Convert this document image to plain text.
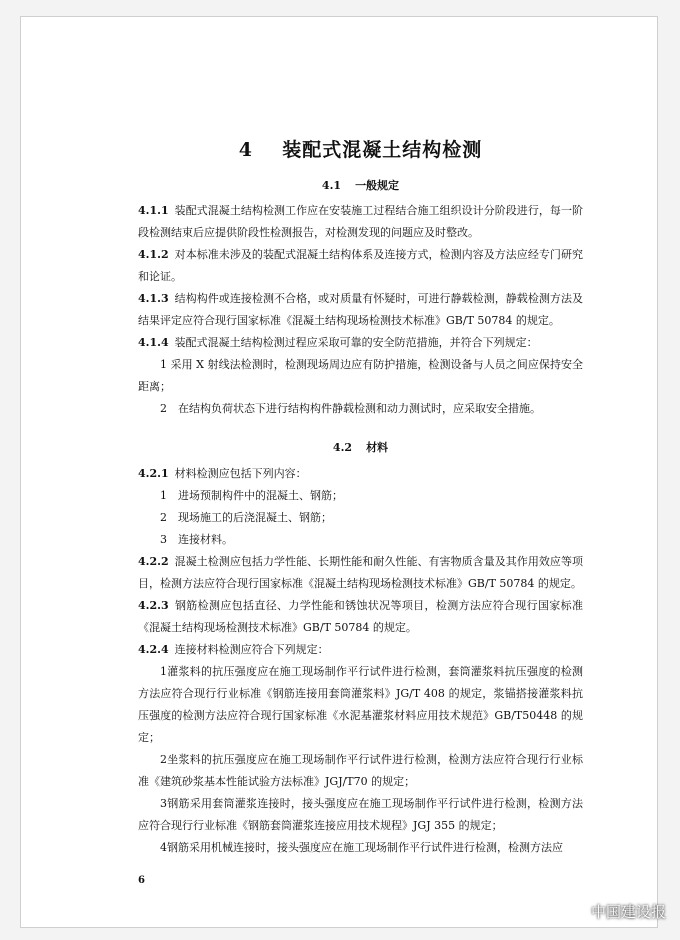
4 装配式混凝土结构检测
4.1 一般规定
4.1.1 装配式混凝土结构检测工作应在安装施工过程结合施工组织设计分阶段进行，每一阶段检测结束后应提供阶段性检测报告，对检测发现的问题应及时整改。
4.1.2 对本标准未涉及的装配式混凝土结构体系及连接方式，检测内容及方法应经专门研究和论证。
4.1.3 结构构件或连接检测不合格，或对质量有怀疑时，可进行静载检测，静载检测方法及结果评定应符合现行国家标准《混凝土结构现场检测技术标准》GB/T 50784 的规定。
4.1.4 装配式混凝土结构检测过程应采取可靠的安全防范措施，并符合下列规定：
1 采用 X 射线法检测时，检测现场周边应有防护措施，检测设备与人员之间应保持安全距离；
2　在结构负荷状态下进行结构构件静载检测和动力测试时，应采取安全措施。
4.2 材料
4.2.1 材料检测应包括下列内容：
1　进场预制构件中的混凝土、钢筋；
2　现场施工的后浇混凝土、钢筋；
3　连接材料。
4.2.2 混凝土检测应包括力学性能、长期性能和耐久性能、有害物质含量及其作用效应等项目，检测方法应符合现行国家标准《混凝土结构现场检测技术标准》GB/T 50784 的规定。
4.2.3 钢筋检测应包括直径、力学性能和锈蚀状况等项目，检测方法应符合现行国家标准《混凝土结构现场检测技术标准》GB/T 50784 的规定。
4.2.4 连接材料检测应符合下列规定：
1灌浆料的抗压强度应在施工现场制作平行试件进行检测，套筒灌浆料抗压强度的检测方法应符合现行行业标准《钢筋连接用套筒灌浆料》JG/T 408 的规定，浆锚搭接灌浆料抗压强度的检测方法应符合现行国家标准《水泥基灌浆材料应用技术规范》GB/T50448 的规定；
2坐浆料的抗压强度应在施工现场制作平行试件进行检测，检测方法应符合现行行业标准《建筑砂浆基本性能试验方法标准》JGJ/T70 的规定；
3钢筋采用套筒灌浆连接时，接头强度应在施工现场制作平行试件进行检测，检测方法应符合现行行业标准《钢筋套筒灌浆连接应用技术规程》JGJ 355 的规定；
4钢筋采用机械连接时，接头强度应在施工现场制作平行试件进行检测，检测方法应
6
中国建设报
